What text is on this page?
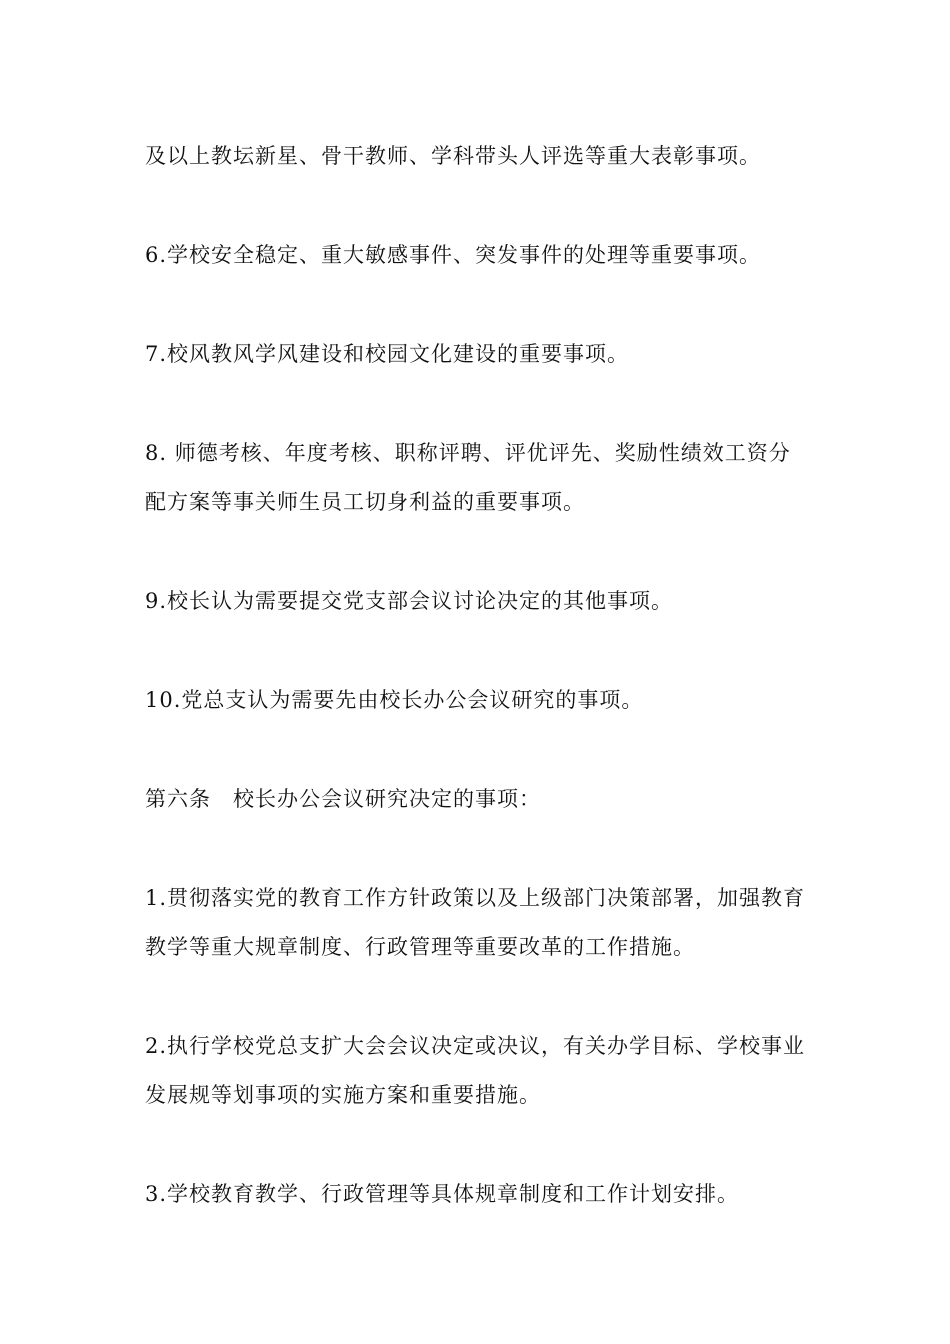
及以上教坛新星、骨干教师、学科带头人评选等重大表彰事项。

6.学校安全稳定、重大敏感事件、突发事件的处理等重要事项。

7.校风教风学风建设和校园文化建设的重要事项。

8. 师德考核、年度考核、职称评聘、评优评先、奖励性绩效工资分配方案等事关师生员工切身利益的重要事项。

9.校长认为需要提交党支部会议讨论决定的其他事项。

10.党总支认为需要先由校长办公会议研究的事项。

第六条　校长办公会议研究决定的事项：

1.贯彻落实党的教育工作方针政策以及上级部门决策部署，加强教育教学等重大规章制度、行政管理等重要改革的工作措施。

2.执行学校党总支扩大会会议决定或决议，有关办学目标、学校事业发展规等划事项的实施方案和重要措施。

3.学校教育教学、行政管理等具体规章制度和工作计划安排。
